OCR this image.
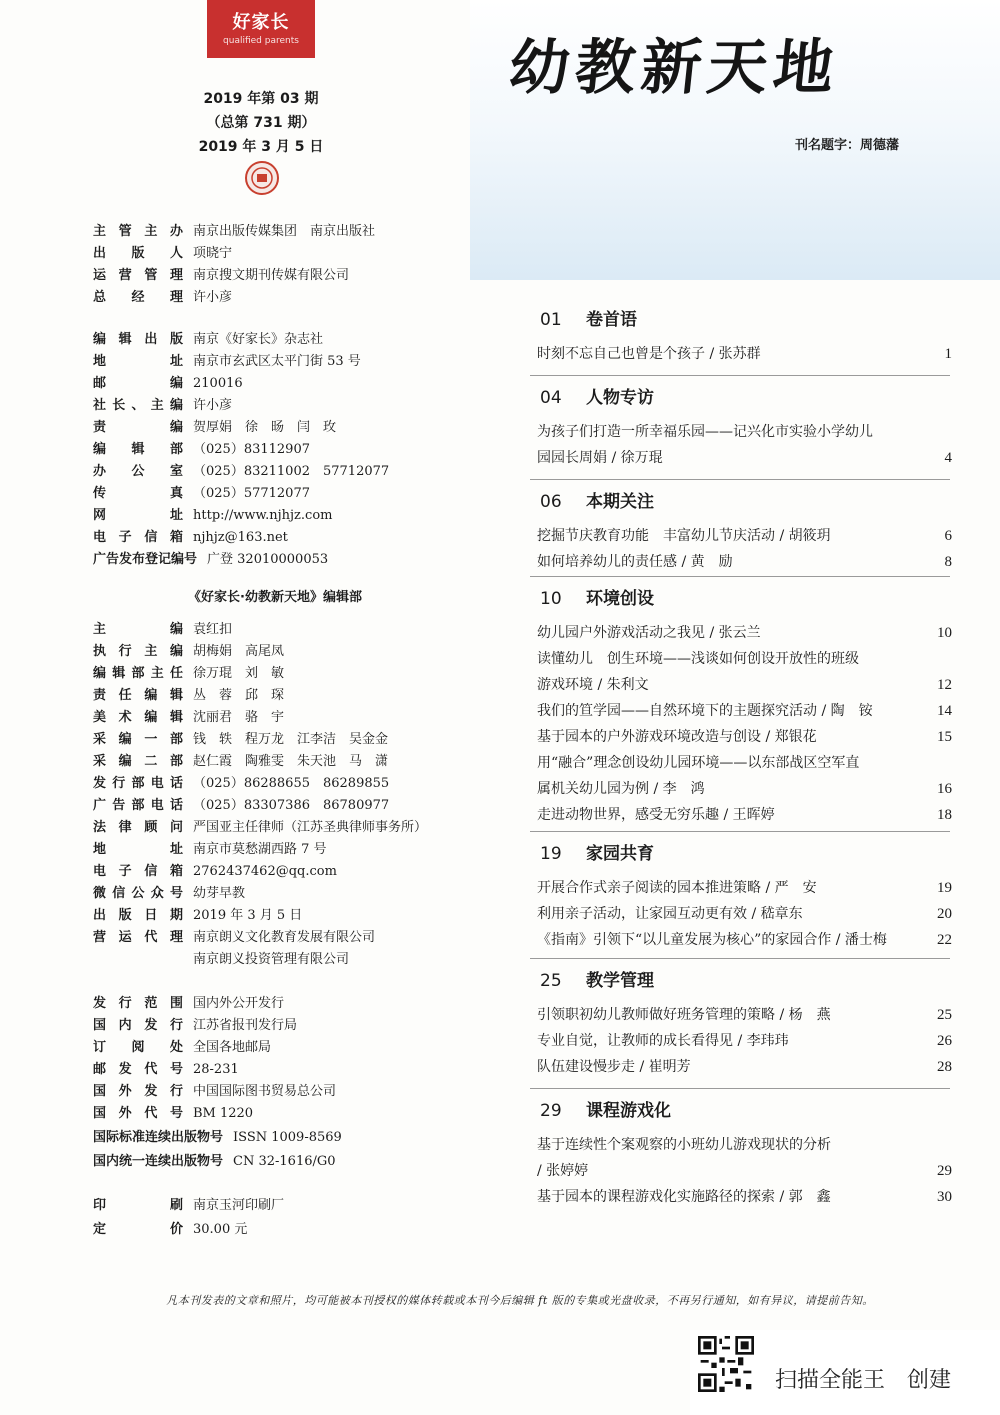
好家长
qualified parents	幼教新天地
刊名题字：周德藩
2019 年第 03 期
（总第 731 期）
2019 年 3 月 5 日
主管主办 南京出版传媒集团　南京出版社
出 版 人 项晓宁
运营管理 南京搜文期刊传媒有限公司
总 经 理 许小彦
编辑出版 南京《好家长》杂志社
地　　址 南京市玄武区太平门街 53 号
邮　　编 210016
社长、主编 许小彦
责　　编 贺厚娟　徐　旸　闫　玫
编 辑 部 （025）83112907
办 公 室 （025）83211002　57712077
传　　真 （025）57712077
网　　址 http://www.njhjz.com
电子信箱 njhjz@163.net
主　　编 袁红扣
执行主编 胡梅娟　高尾凤
编辑部主任 徐万琨　刘　敏
责任编辑 丛　蓉　邱　琛
美术编辑 沈丽君　骆　宇
采编一部 钱　轶　程万龙　江李洁　吴金金
采编二部 赵仁霞　陶雅雯　朱天池　马　潇
发行部电话 （025）86288655　86289855
广告部电话 （025）83307386　86780977
法律顾问 严国亚主任律师（江苏圣典律师事务所）
地　　址 南京市莫愁湖西路 7 号
电子信箱 2762437462@qq.com
微信公众号 幼芽早教
出版日期 2019 年 3 月 5 日
营运代理 南京朗义文化教育发展有限公司
南京朗义投资管理有限公司
发行范围 国内外公开发行
国内发行 江苏省报刊发行局
订 阅 处 全国各地邮局
邮发代号 28-231
国外发行 中国国际图书贸易总公司
国外代号 BM 1220
印　　刷 南京玉河印刷厂
定　　价 30.00 元
广告发布登记编号 广登 32010000053
国际标准连续出版物号 ISSN 1009-8569
国内统一连续出版物号 CN 32-1616/G0
《好家长·幼教新天地》编辑部
01 卷首语
时刻不忘自己也曾是个孩子 / 张苏群	1
04 人物专访
为孩子们打造一所幸福乐园——记兴化市实验小学幼儿
园园长周娟 / 徐万琨	4
06 本期关注
挖掘节庆教育功能　丰富幼儿节庆活动 / 胡筱玥	6
如何培养幼儿的责任感 / 黄　励	8
10 环境创设
幼儿园户外游戏活动之我见 / 张云兰	10
读懂幼儿　创生环境——浅谈如何创设开放性的班级
游戏环境 / 朱利文	12
我们的笪学园——自然环境下的主题探究活动 / 陶　铵	14
基于园本的户外游戏环境改造与创设 / 郑银花	15
用“融合”理念创设幼儿园环境——以东部战区空军直
属机关幼儿园为例 / 李　鸿	16
走进动物世界，感受无穷乐趣 / 王晖婷	18
19 家园共育
开展合作式亲子阅读的园本推进策略 / 严　安	19
利用亲子活动，让家园互动更有效 / 嵇章东	20
《指南》引领下“以儿童发展为核心”的家园合作 / 潘士梅	22
25 教学管理
引领职初幼儿教师做好班务管理的策略 / 杨　燕	25
专业自觉，让教师的成长看得见 / 李玮玮	26
队伍建设慢步走 / 崔明芳	28
29 课程游戏化
基于连续性个案观察的小班幼儿游戏现状的分析
/ 张婷婷	29
基于园本的课程游戏化实施路径的探索 / 郭　鑫	30
凡本刊发表的文章和照片，均可能被本刊授权的媒体转载或本刊今后编辑 ft 版的专集或光盘收录，不再另行通知，如有异议，请提前告知。
扫描全能王　创建
